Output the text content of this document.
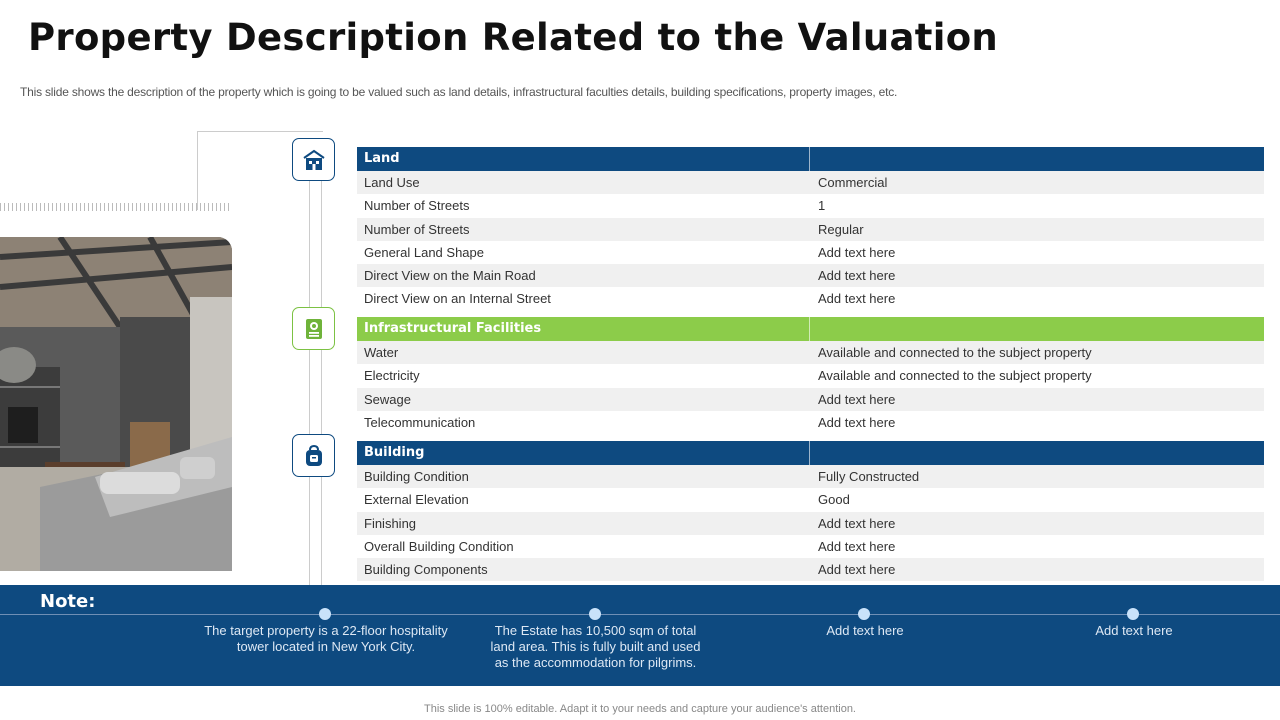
Property Description Related to the Valuation
This slide shows the description of the property which is going to be valued such as land details, infrastructural faculties details, building specifications, property images, etc.
Land
Land Use	Commercial
Number of Streets	1
Number of Streets	Regular
General Land Shape	Add text here
Direct View on the Main Road	Add text here
Direct View on an Internal Street	Add text here
Infrastructural Facilities
Water	Available and connected to the subject property
Electricity	Available and connected to the subject property
Sewage	Add text here
Telecommunication	Add text here
Building
Building Condition	Fully Constructed
External Elevation	Good
Finishing	Add text here
Overall Building Condition	Add text here
Building Components	Add text here
Note:
The target property is a 22-floor hospitality tower located in New York City.
The Estate has 10,500 sqm of total land area. This is fully built and used as the accommodation for pilgrims.
Add text here	Add text here
This slide is 100% editable. Adapt it to your needs and capture your audience's attention.
